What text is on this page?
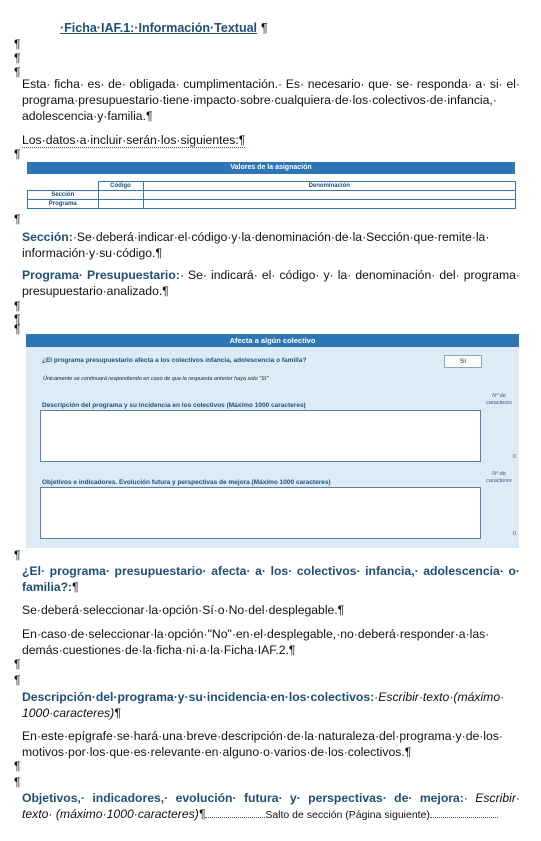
·Ficha·IAF.1:·Información·Textual ¶
¶
¶
¶
Esta· ficha· es· de· obligada· cumplimentación.· Es· necesario· que· se· responda· a· si· el· programa·presupuestario·tiene·impacto·sobre·cualquiera·de·los·colectivos·de·infancia,· adolescencia·y·familia.¶
Los·datos·a·incluir·serán·los·siguientes:¶
¶
Valores de la asignación
	Código	Denominación
Sección		
Programa		
¶
Sección:·Se·deberá·indicar·el·código·y·la·denominación·de·la·Sección·que·remite·la· información·y·su·código.¶
Programa· Presupuestario:· Se· indicará· el· código· y· la· denominación· del· programa· presupuestario·analizado.¶
¶
¶
¶
Afecta a algún colectivo
¿El programa presupuestario afecta a los colectivos infancia, adolescencia o familia?	Sí
Únicamente se continuará respondiendo en caso de que la respuesta anterior haya sido "Sí"
Descripción del programa y su incidencia en los colectivos (Máximo 1000 caracteres)
Nº de caracteres
0
Objetivos e indicadores. Evolución futura y perspectivas de mejora (Máximo 1000 caracteres)
Nº de caracteres
0
¶
¿El· programa· presupuestario· afecta· a· los· colectivos· infancia,· adolescencia· o· familia?:¶
Se·deberá·seleccionar·la·opción·Sí·o·No·del·desplegable.¶
En·caso·de·seleccionar·la·opción·"No"·en·el·desplegable,·no·deberá·responder·a·las· demás·cuestiones·de·la·ficha·ni·a·la·Ficha·IAF.2.¶
¶
¶
Descripción·del·programa·y·su·incidencia·en·los·colectivos:·Escribir·texto·(máximo· 1000·caracteres)¶
En·este·epígrafe·se·hará·una·breve·descripción·de·la·naturaleza·del·programa·y·de·los· motivos·por·los·que·es·relevante·en·alguno·o·varios·de·los·colectivos.¶
¶
¶
Objetivos,· indicadores,· evolución· futura· y· perspectivas· de· mejora:· Escribir· texto· (máximo·1000·caracteres)¶	Salto de sección (Página siguiente)
